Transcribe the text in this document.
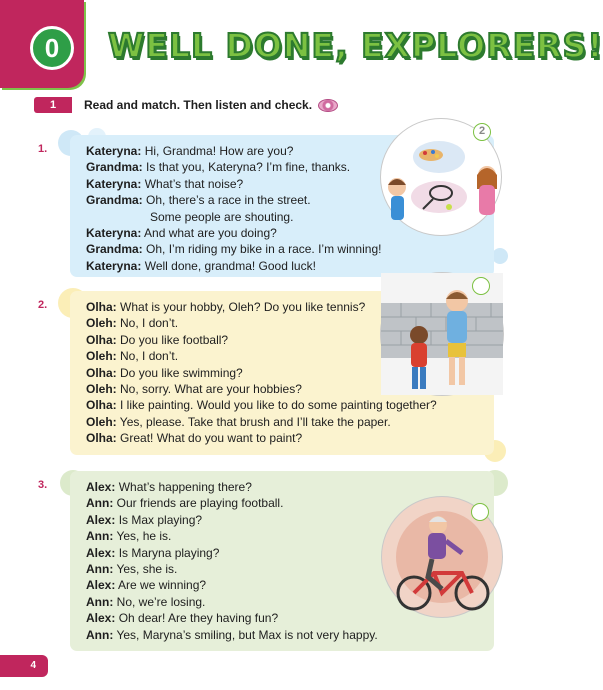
0	WELL DONE, EXPLORERS!
1	Read and match. Then listen and check.
1.	Kateryna: Hi, Grandma! How are you?
Grandma: Is that you, Kateryna? I’m fine, thanks.
Kateryna: What’s that noise?
Grandma: Oh, there’s a race in the street.
Some people are shouting.
Kateryna: And what are you doing?
Grandma: Oh, I’m riding my bike in a race. I’m winning!
Kateryna: Well done, grandma! Good luck!
2
2.	Olha: What is your hobby, Oleh? Do you like tennis?
Oleh: No, I don’t.
Olha: Do you like football?
Oleh: No, I don’t.
Olha: Do you like swimming?
Oleh: No, sorry. What are your hobbies?
Olha: I like painting. Would you like to do some painting together?
Oleh: Yes, please. Take that brush and I’ll take the paper.
Olha: Great! What do you want to paint?
3.	Alex: What’s happening there?
Ann: Our friends are playing football.
Alex: Is Max playing?
Ann: Yes, he is.
Alex: Is Maryna playing?
Ann: Yes, she is.
Alex: Are we winning?
Ann: No, we’re losing.
Alex: Oh dear! Are they having fun?
Ann: Yes, Maryna’s smiling, but Max is not very happy.
4
